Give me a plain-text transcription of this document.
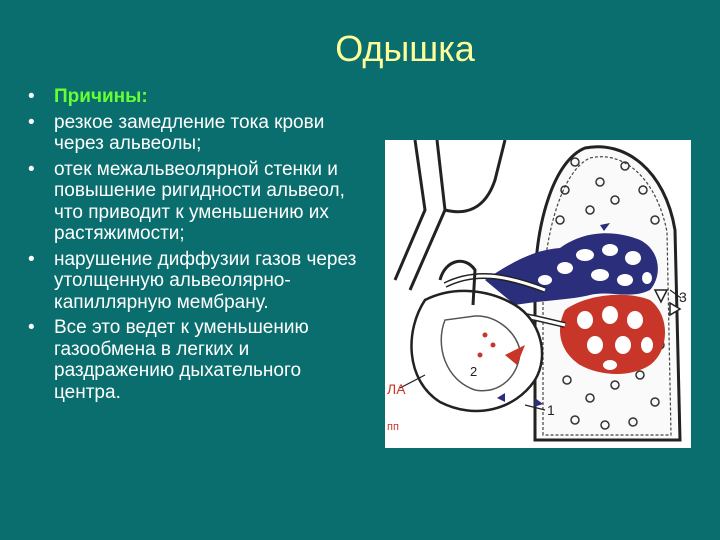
Одышка
• Причины:
• резкое замедление тока крови через альвеолы;
• отек межальвеолярной стенки и повышение ригидности альвеол, что приводит к уменьшению их растяжимости;
• нарушение диффузии газов через утолщенную альвеолярно-капиллярную мембрану.
• Все это ведет к уменьшению газообмена в легких и раздражению дыхательного центра.	ЛА
пп
1
2
3
